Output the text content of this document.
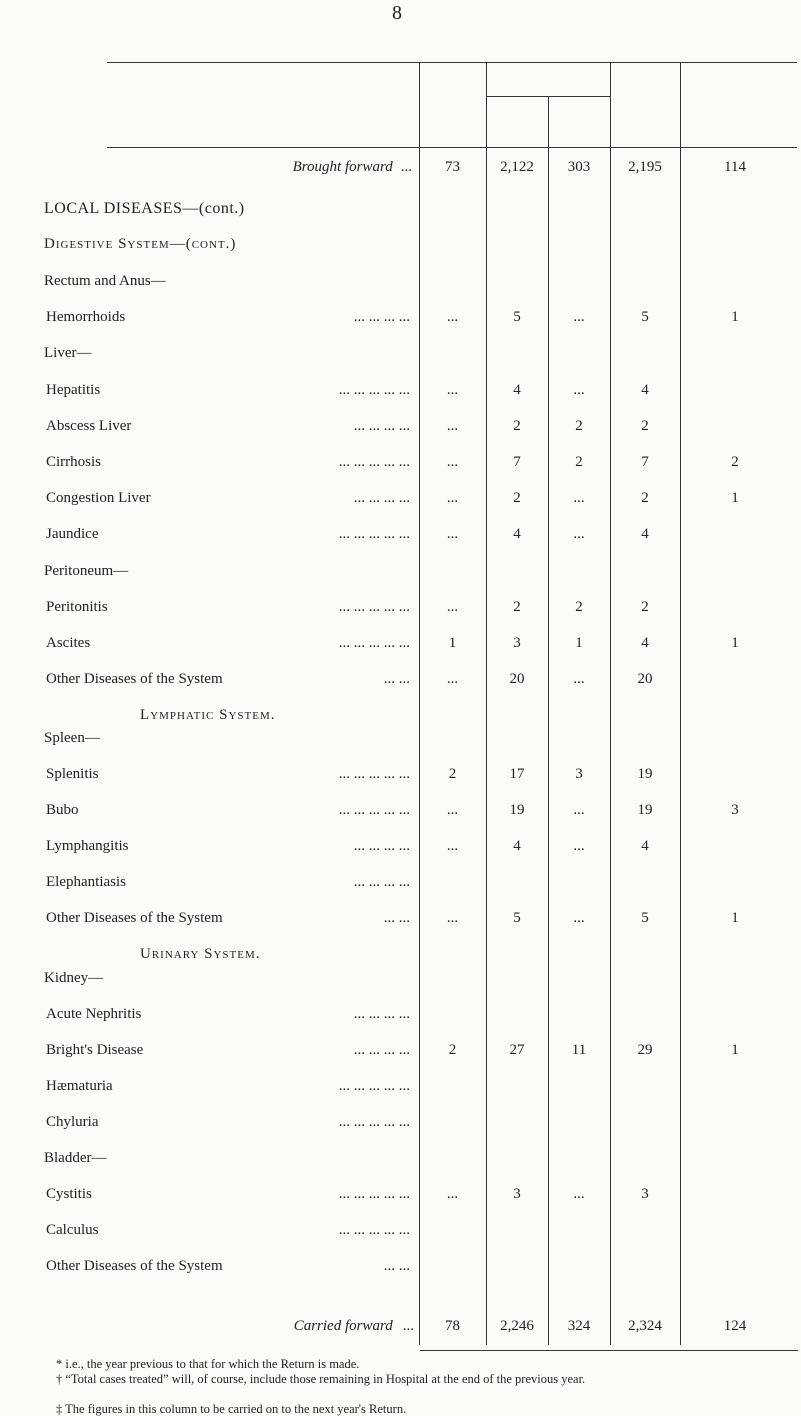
8
Brought forward ...	73	2,122	303	2,195	114
LOCAL DISEASES—(cont.)
Digestive System—(cont.)
Rectum and Anus—
Hemorrhoids	... ... ... ...	...	5	...	5	1
Liver—
Hepatitis	... ... ... ... ...	...	4	...	4
Abscess Liver	... ... ... ...	...	2	2	2
Cirrhosis	... ... ... ... ...	...	7	2	7	2
Congestion Liver	... ... ... ...	...	2	...	2	1
Jaundice	... ... ... ... ...	...	4	...	4
Peritoneum—
Peritonitis	... ... ... ... ...	...	2	2	2
Ascites	... ... ... ... ...	1	3	1	4	1
Other Diseases of the System	... ...	...	20	...	20
Lymphatic System.
Spleen—
Splenitis	... ... ... ... ...	2	17	3	19
Bubo	... ... ... ... ...	...	19	...	19	3
Lymphangitis	... ... ... ...	...	4	...	4
Elephantiasis	... ... ... ...
Other Diseases of the System	... ...	...	5	...	5	1
Urinary System.
Kidney—
Acute Nephritis	... ... ... ...
Bright's Disease	... ... ... ...	2	27	11	29	1
Hæmaturia	... ... ... ... ...
Chyluria	... ... ... ... ...
Bladder—
Cystitis	... ... ... ... ...	...	3	...	3
Calculus	... ... ... ... ...
Other Diseases of the System	... ...
Carried forward ...	78	2,246	324	2,324	124
* i.e., the year previous to that for which the Return is made.
† “Total cases treated” will, of course, include those remaining in Hospital at the end of the previous year.
‡ The figures in this column to be carried on to the next year's Return.
